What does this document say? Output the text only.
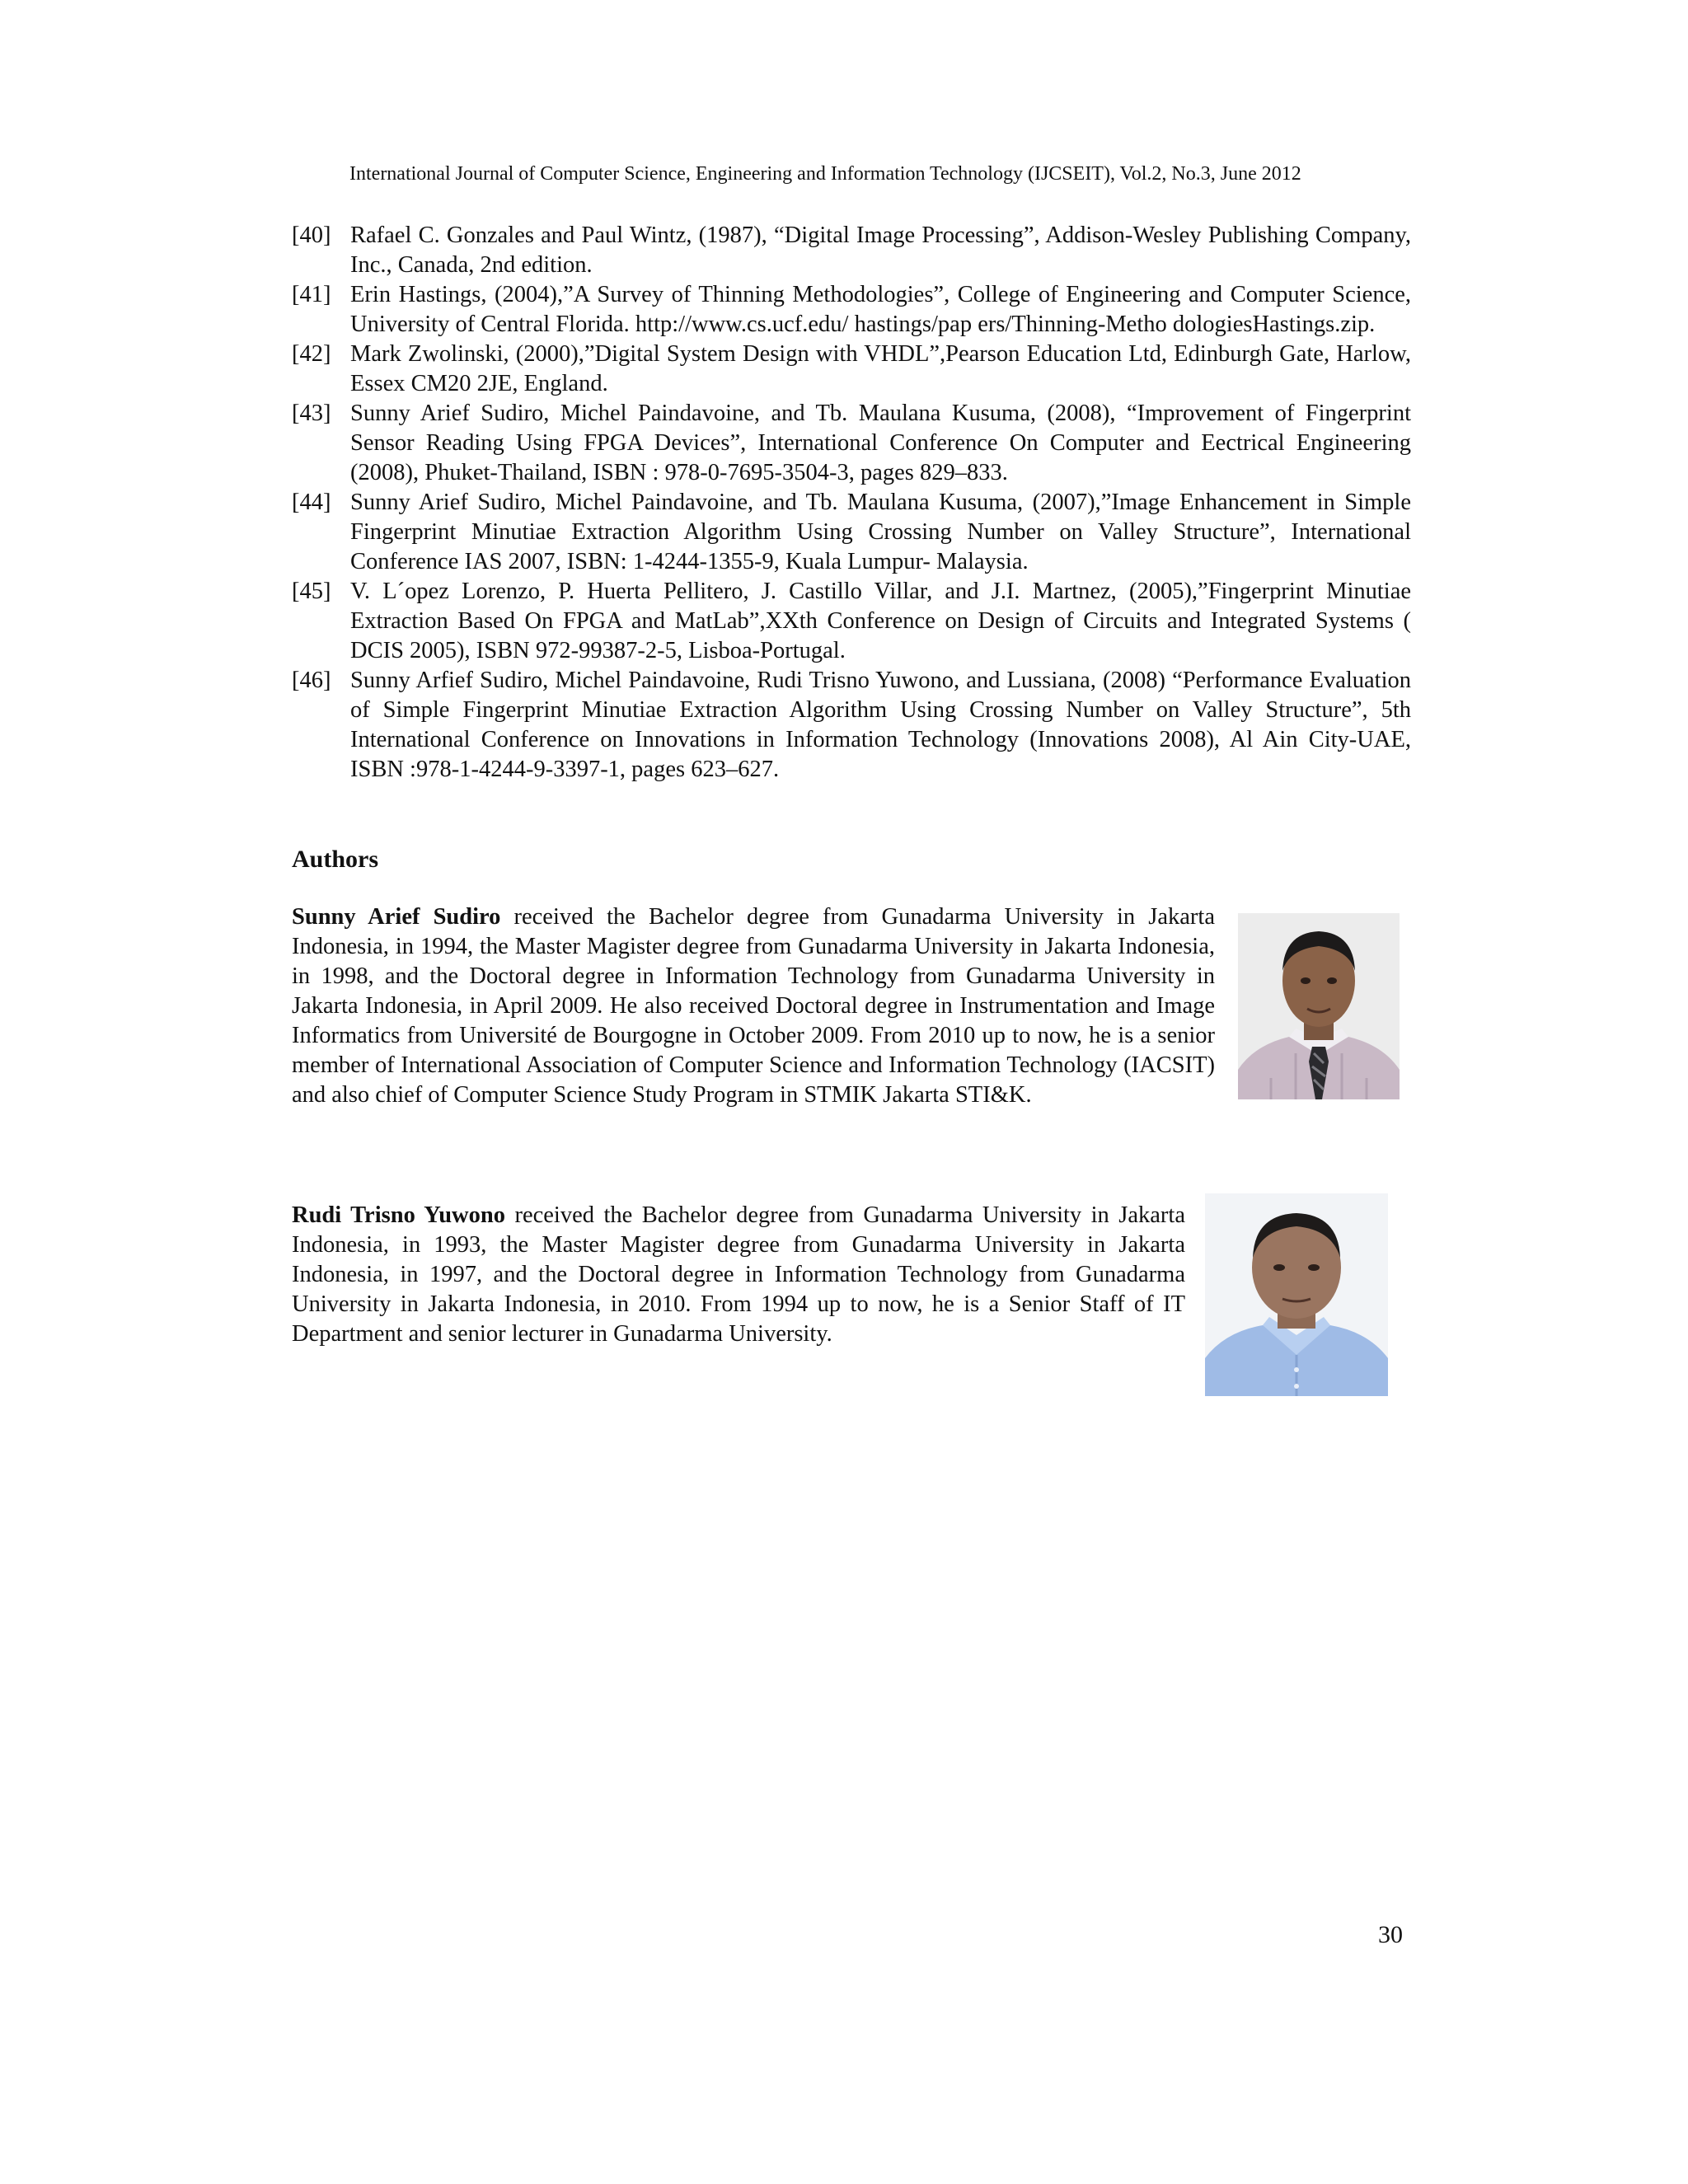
International Journal of Computer Science, Engineering and Information Technology (IJCSEIT), Vol.2, No.3, June 2012
[40] Rafael C. Gonzales and Paul Wintz, (1987), “Digital Image Processing”, Addison-Wesley Publishing Company, Inc., Canada, 2nd edition.
[41] Erin Hastings, (2004),”A Survey of Thinning Methodologies”, College of Engineering and Computer Science, University of Central Florida. http://www.cs.ucf.edu/ hastings/pap ers/Thinning-Metho dologiesHastings.zip.
[42] Mark Zwolinski, (2000),”Digital System Design with VHDL”,Pearson Education Ltd, Edinburgh Gate, Harlow, Essex CM20 2JE, England.
[43] Sunny Arief Sudiro, Michel Paindavoine, and Tb. Maulana Kusuma, (2008), “Improvement of Fingerprint Sensor Reading Using FPGA Devices”, International Conference On Computer and Eectrical Engineering (2008), Phuket-Thailand, ISBN : 978-0-7695-3504-3, pages 829–833.
[44] Sunny Arief Sudiro, Michel Paindavoine, and Tb. Maulana Kusuma, (2007),”Image Enhancement in Simple Fingerprint Minutiae Extraction Algorithm Using Crossing Number on Valley Structure”, International Conference IAS 2007, ISBN: 1-4244-1355-9, Kuala Lumpur- Malaysia.
[45] V. L´opez Lorenzo, P. Huerta Pellitero, J. Castillo Villar, and J.I. Martnez, (2005),”Fingerprint Minutiae Extraction Based On FPGA and MatLab”,XXth Conference on Design of Circuits and Integrated Systems ( DCIS 2005), ISBN 972-99387-2-5, Lisboa-Portugal.
[46] Sunny Arfief Sudiro, Michel Paindavoine, Rudi Trisno Yuwono, and Lussiana, (2008) “Performance Evaluation of Simple Fingerprint Minutiae Extraction Algorithm Using Crossing Number on Valley Structure”, 5th International Conference on Innovations in Information Technology (Innovations 2008), Al Ain City-UAE, ISBN :978-1-4244-9-3397-1, pages 623–627.
Authors

Sunny Arief Sudiro received the Bachelor degree from Gunadarma University in Jakarta Indonesia, in 1994, the Master Magister degree from Gunadarma University in Jakarta Indonesia, in 1998, and the Doctoral degree in Information Technology from Gunadarma University in Jakarta Indonesia, in April 2009. He also received Doctoral degree in Instrumentation and Image Informatics from Université de Bourgogne in October 2009. From 2010 up to now, he is a senior member of International Association of Computer Science and Information Technology (IACSIT) and also chief of Computer Science Study Program in STMIK Jakarta STI&K.

Rudi Trisno Yuwono received the Bachelor degree from Gunadarma University in Jakarta Indonesia, in 1993, the Master Magister degree from Gunadarma University in Jakarta Indonesia, in 1997, and the Doctoral degree in Information Technology from Gunadarma University in Jakarta Indonesia, in 2010. From 1994 up to now, he is a Senior Staff of IT Department and senior lecturer in Gunadarma University.

30
